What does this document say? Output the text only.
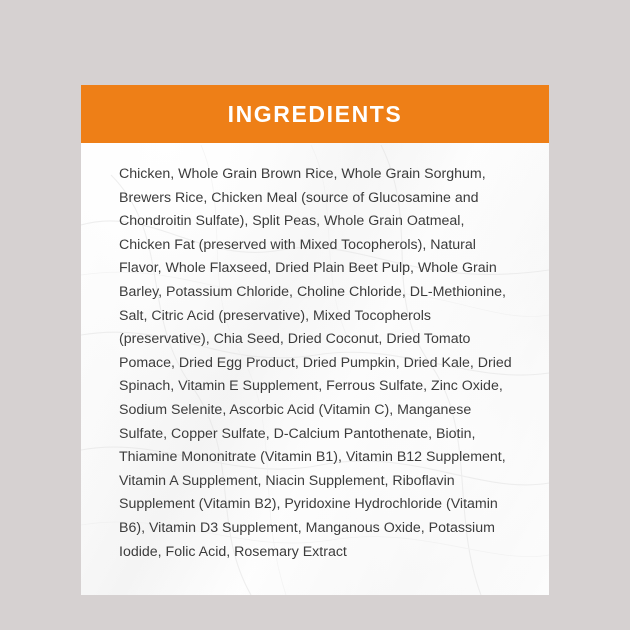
INGREDIENTS
Chicken, Whole Grain Brown Rice, Whole Grain Sorghum, Brewers Rice, Chicken Meal (source of Glucosamine and Chondroitin Sulfate), Split Peas, Whole Grain Oatmeal, Chicken Fat (preserved with Mixed Tocopherols), Natural Flavor, Whole Flaxseed, Dried Plain Beet Pulp, Whole Grain Barley, Potassium Chloride, Choline Chloride, DL-Methionine, Salt, Citric Acid (preservative), Mixed Tocopherols (preservative), Chia Seed, Dried Coconut, Dried Tomato Pomace, Dried Egg Product, Dried Pumpkin, Dried Kale, Dried Spinach, Vitamin E Supplement, Ferrous Sulfate, Zinc Oxide, Sodium Selenite, Ascorbic Acid (Vitamin C), Manganese Sulfate, Copper Sulfate, D-Calcium Pantothenate, Biotin, Thiamine Mononitrate (Vitamin B1), Vitamin B12 Supplement, Vitamin A Supplement, Niacin Supplement, Riboflavin Supplement (Vitamin B2), Pyridoxine Hydrochloride (Vitamin B6), Vitamin D3 Supplement, Manganous Oxide, Potassium Iodide, Folic Acid, Rosemary Extract
